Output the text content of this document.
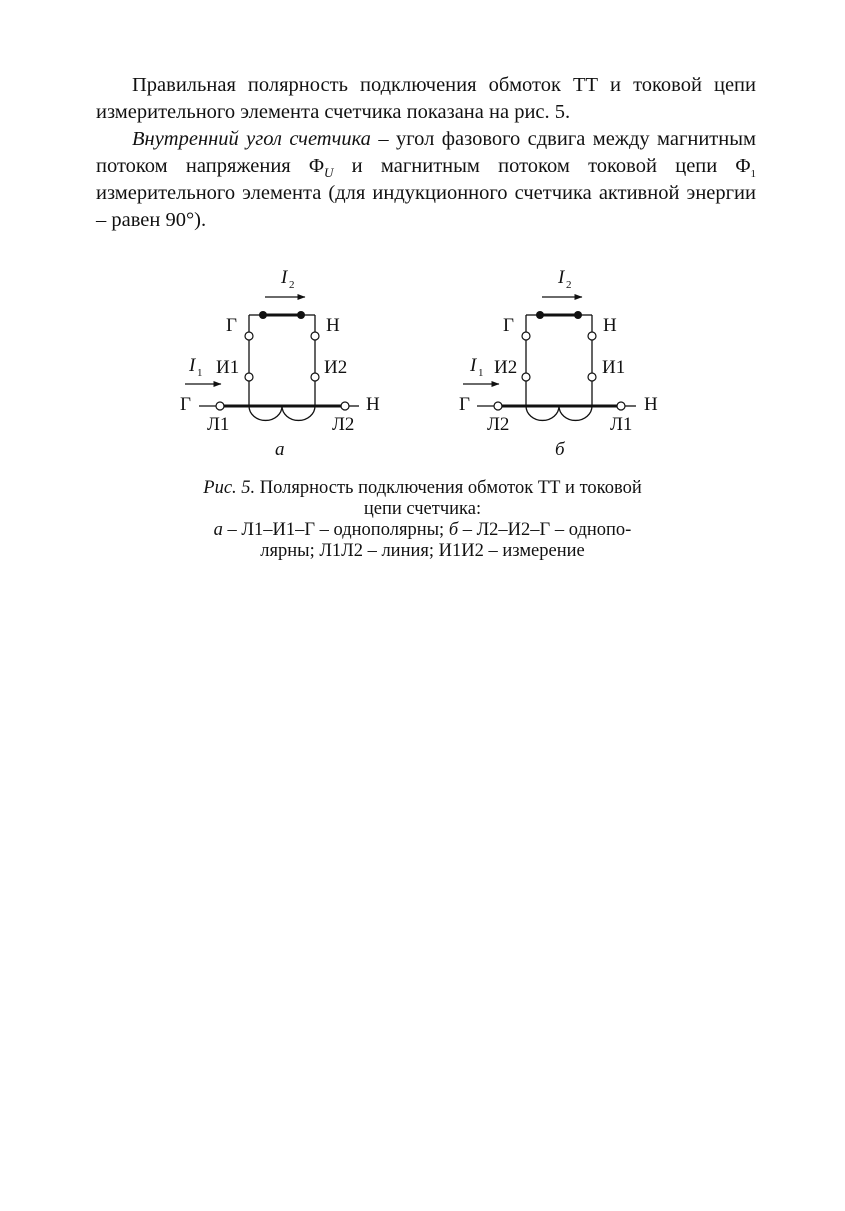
Правильная полярность подключения обмоток ТТ и токовой цепи измерительного элемента счетчика показана на рис. 5.

Внутренний угол счетчика – угол фазового сдвига между магнитным потоком напряжения $\Phi_U$ и магнитным потоком токовой цепи $\Phi_1$ измерительного элемента (для индукционного счетчика активной энергии – равен 90°).

I 2
I 1
Г	Н
И1	И2
Г	Н
Л1	Л2
а
I 2
I 1
Г	Н
И2	И1
Г	Н
Л2	Л1
б
Рис. 5. Полярность подключения обмоток ТТ и токовой
цепи счетчика:
а – Л1–И1–Г – однополярны; б – Л2–И2–Г – однопо-
лярны; Л1Л2 – линия; И1И2 – измерение
